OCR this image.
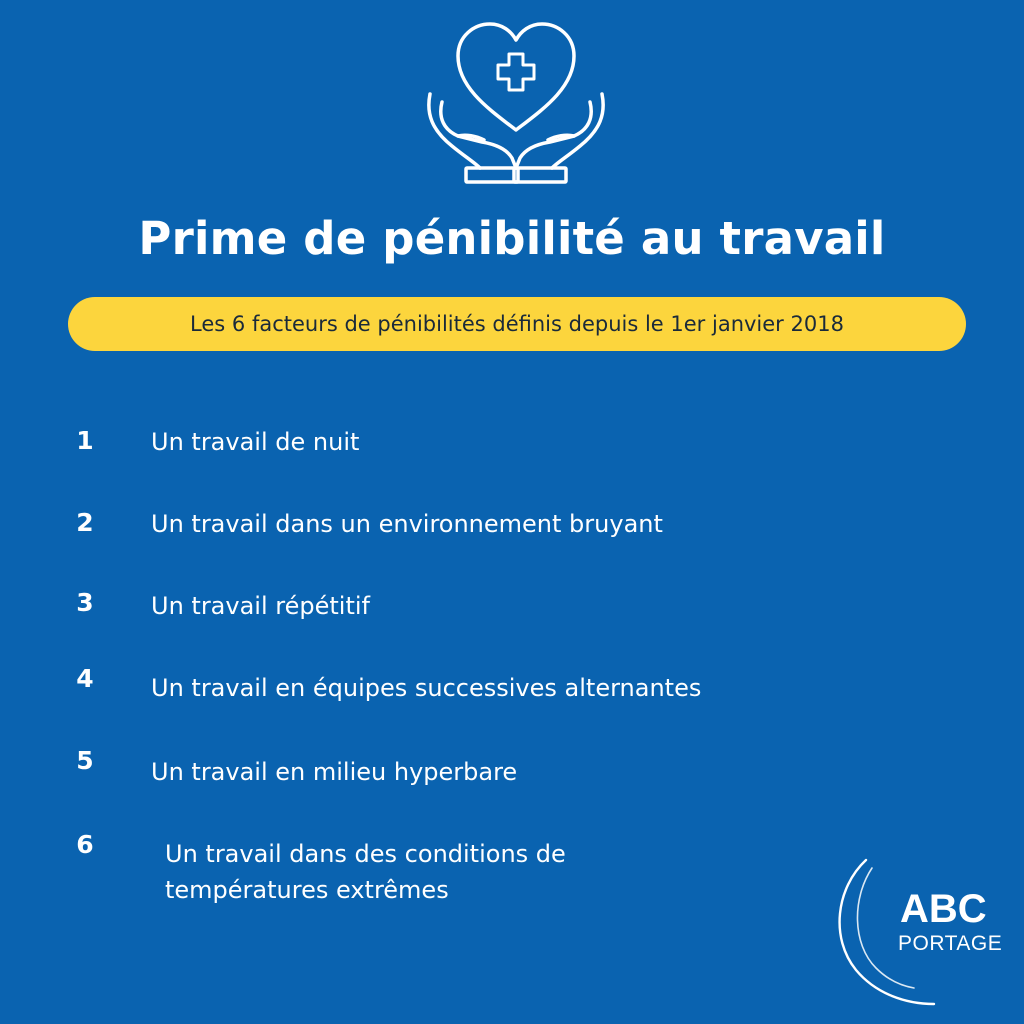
Prime de pénibilité au travail
Les 6 facteurs de pénibilités définis depuis le 1er janvier 2018
1 Un travail de nuit
2 Un travail dans un environnement bruyant
3 Un travail répétitif
4 Un travail en équipes successives alternantes
5 Un travail en milieu hyperbare
6	Un travail dans des conditions de
températures extrêmes	ABC
PORTAGE
